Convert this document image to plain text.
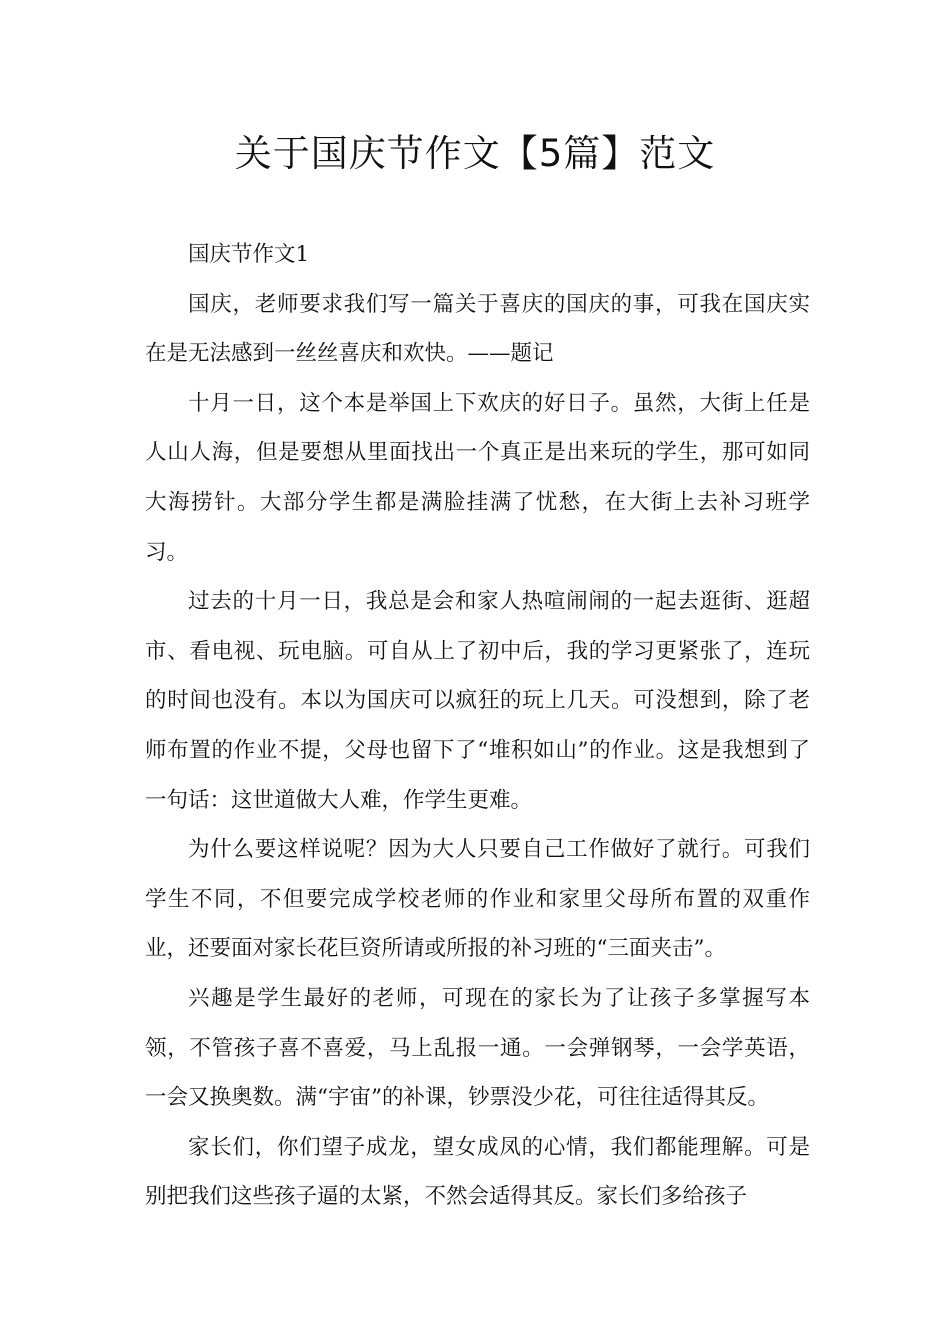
关于国庆节作文【5篇】范文

国庆节作文1

国庆，老师要求我们写一篇关于喜庆的国庆的事，可我在国庆实在是无法感到一丝丝喜庆和欢快。——题记

十月一日，这个本是举国上下欢庆的好日子。虽然，大街上任是人山人海，但是要想从里面找出一个真正是出来玩的学生，那可如同大海捞针。大部分学生都是满脸挂满了忧愁，在大街上去补习班学习。

过去的十月一日，我总是会和家人热喧闹闹的一起去逛街、逛超市、看电视、玩电脑。可自从上了初中后，我的学习更紧张了，连玩的时间也没有。本以为国庆可以疯狂的玩上几天。可没想到，除了老师布置的作业不提，父母也留下了“堆积如山”的作业。这是我想到了一句话：这世道做大人难，作学生更难。

为什么要这样说呢？因为大人只要自己工作做好了就行。可我们学生不同，不但要完成学校老师的作业和家里父母所布置的双重作业，还要面对家长花巨资所请或所报的补习班的“三面夹击”。

兴趣是学生最好的老师，可现在的家长为了让孩子多掌握写本领，不管孩子喜不喜爱，马上乱报一通。一会弹钢琴，一会学英语，一会又换奥数。满“宇宙”的补课，钞票没少花，可往往适得其反。

家长们，你们望子成龙，望女成凤的心情，我们都能理解。可是别把我们这些孩子逼的太紧，不然会适得其反。家长们多给孩子
